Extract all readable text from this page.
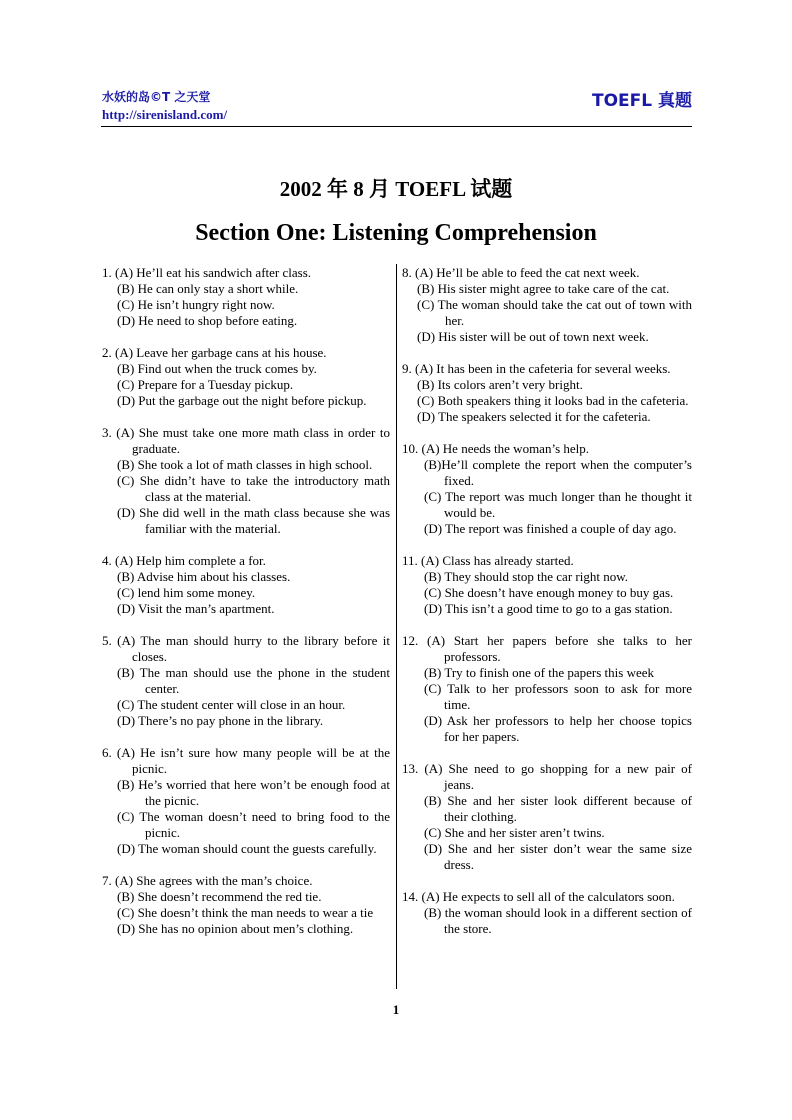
水妖的岛©T 之天堂
http://sirenisland.com/
TOEFL 真题
2002 年 8 月 TOEFL 试题
Section One: Listening Comprehension
1. (A) He’ll eat his sandwich after class.
(B) He can only stay a short while.
(C) He isn’t hungry right now.
(D) He need to shop before eating.
2. (A) Leave her garbage cans at his house.
(B) Find out when the truck comes by.
(C) Prepare for a Tuesday pickup.
(D) Put the garbage out the night before pickup.
3. (A) She must take one more math class in order to graduate.
(B) She took a lot of math classes in high school.
(C) She didn’t have to take the introductory math class at the material.
(D) She did well in the math class because she was familiar with the material.
4. (A) Help him complete a for.
(B) Advise him about his classes.
(C) lend him some money.
(D) Visit the man’s apartment.
5. (A) The man should hurry to the library before it closes.
(B) The man should use the phone in the student center.
(C) The student center will close in an hour.
(D) There’s no pay phone in the library.
6. (A) He isn’t sure how many people will be at the picnic.
(B) He’s worried that here won’t be enough food at the picnic.
(C) The woman doesn’t need to bring food to the picnic.
(D) The woman should count the guests carefully.
7. (A) She agrees with the man’s choice.
(B) She doesn’t recommend the red tie.
(C) She doesn’t think the man needs to wear a tie
(D) She has no opinion about men’s clothing.
8. (A) He’ll be able to feed the cat next week.
(B) His sister might agree to take care of the cat.
(C) The woman should take the cat out of town with her.
(D) His sister will be out of town next week.
9. (A) It has been in the cafeteria for several weeks.
(B) Its colors aren’t very bright.
(C) Both speakers thing it looks bad in the cafeteria.
(D) The speakers selected it for the cafeteria.
10. (A) He needs the woman’s help.
(B)He’ll complete the report when the computer’s fixed.
(C) The report was much longer than he thought it would be.
(D) The report was finished a couple of day ago.
11. (A) Class has already started.
(B) They should stop the car right now.
(C) She doesn’t have enough money to buy gas.
(D) This isn’t a good time to go to a gas station.
12. (A) Start her papers before she talks to her professors.
(B) Try to finish one of the papers this week
(C) Talk to her professors soon to ask for more time.
(D) Ask her professors to help her choose topics for her papers.
13. (A) She need to go shopping for a new pair of jeans.
(B) She and her sister look different because of their clothing.
(C) She and her sister aren’t twins.
(D) She and her sister don’t wear the same size dress.
14. (A) He expects to sell all of the calculators soon.
(B) the woman should look in a different section of the store.
1
